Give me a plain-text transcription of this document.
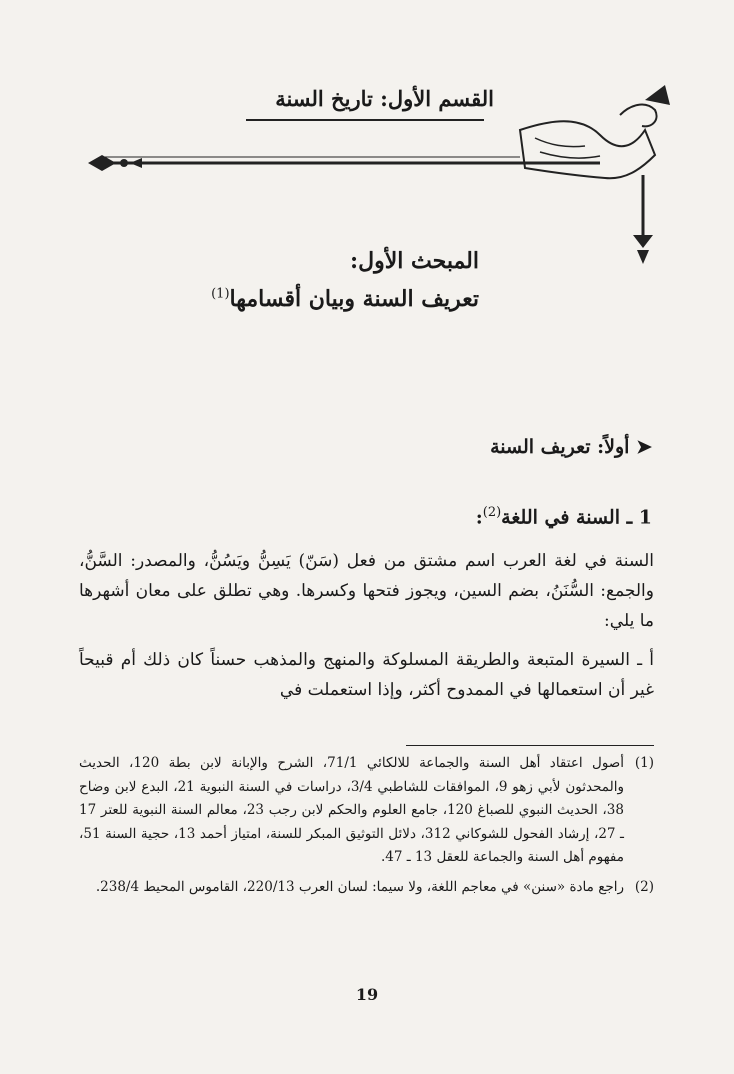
القسم الأول: تاريخ السنة
المبحث الأول:
تعريف السنة وبيان أقسامها$^{(1)}$
➤ أولاً: تعريف السنة
1 ـ السنة في اللغة$^{(2)}$:
السنة في لغة العرب اسم مشتق من فعل (سَنّ) يَسِنُّ ويَسُنُّ، والمصدر: السَّنُّ، والجمع: السُّنَنُ، بضم السين، ويجوز فتحها وكسرها. وهي تطلق على معان أشهرها ما يلي:
أ ـ السيرة المتبعة والطريقة المسلوكة والمنهج والمذهب حسناً كان ذلك أم قبيحاً غير أن استعمالها في الممدوح أكثر، وإذا استعملت في
(1)
أصول اعتقاد أهل السنة والجماعة للالكائي 71/1، الشرح والإبانة لابن بطة 120، الحديث والمحدثون لأبي زهو 9، الموافقات للشاطبي 3/4، دراسات في السنة النبوية 21، البدع لابن وضاح 38، الحديث النبوي للصباغ 120، جامع العلوم والحكم لابن رجب 23، معالم السنة النبوية للعتر 17 ـ 27، إرشاد الفحول للشوكاني 312، دلائل التوثيق المبكر للسنة، امتياز أحمد 13، حجية السنة 51، مفهوم أهل السنة والجماعة للعقل 13 ـ 47.
(2)
راجع مادة «سنن» في معاجم اللغة، ولا سيما: لسان العرب 220/13، القاموس المحيط 238/4.
19
